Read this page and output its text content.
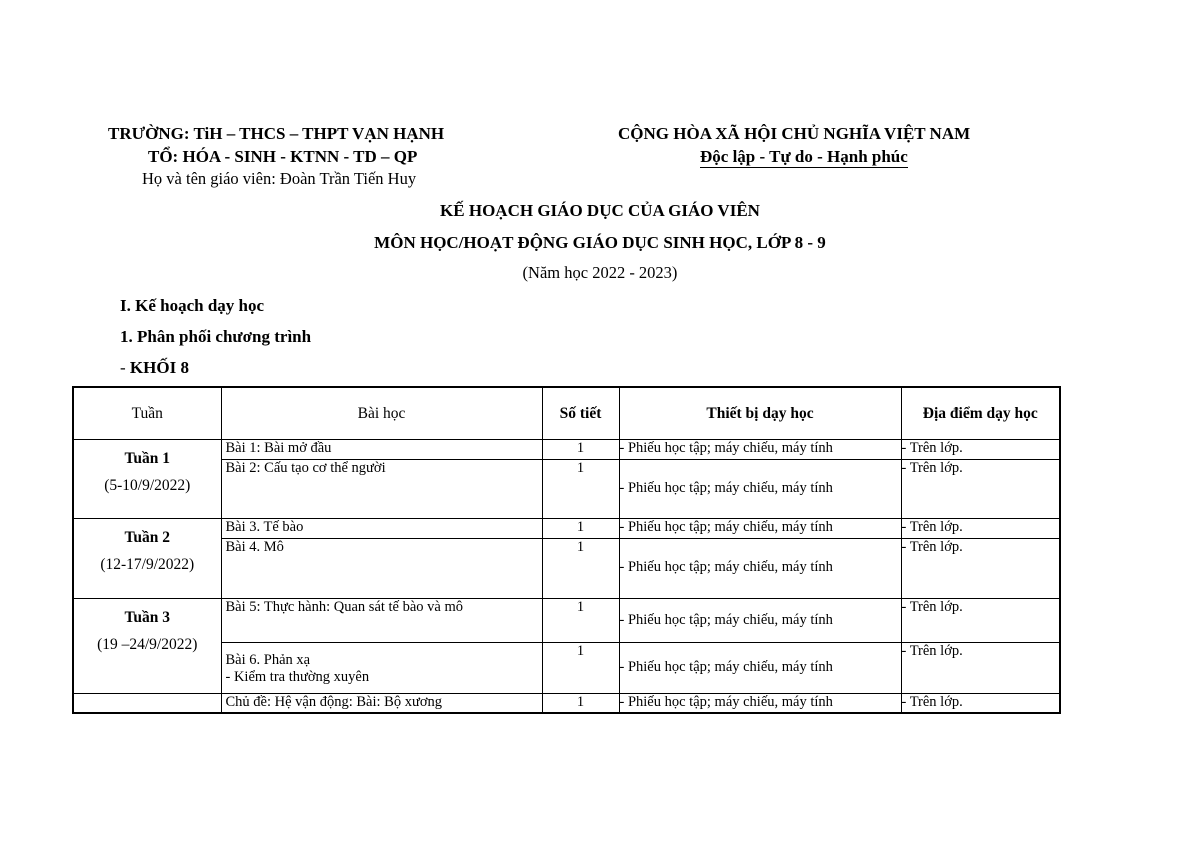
TRƯỜNG: TiH – THCS – THPT VẠN HẠNH
TỔ: HÓA - SINH - KTNN - TD – QP
Họ và tên giáo viên: Đoàn Trần Tiến Huy
CỘNG HÒA XÃ HỘI CHỦ NGHĨA VIỆT NAM
Độc lập - Tự do - Hạnh phúc
KẾ HOẠCH GIÁO DỤC CỦA GIÁO VIÊN
MÔN HỌC/HOẠT ĐỘNG GIÁO DỤC SINH HỌC, LỚP 8 - 9
(Năm học 2022 - 2023)
I. Kế hoạch dạy học
1. Phân phối chương trình
- KHỐI 8
Tuần	Bài học	Số tiết	Thiết bị dạy học	Địa điểm dạy học

Tuần 1
(5-10/9/2022)	Bài 1: Bài mở đầu	1	- Phiếu học tập; máy chiếu, máy tính	- Trên lớp.
	Bài 2: Cấu tạo cơ thể người	1	- Phiếu học tập; máy chiếu, máy tính	- Trên lớp.

Tuần 2
(12-17/9/2022)	Bài 3. Tế bào	1	- Phiếu học tập; máy chiếu, máy tính	- Trên lớp.
	Bài 4. Mô	1	- Phiếu học tập; máy chiếu, máy tính	- Trên lớp.

Tuần 3
(19 –24/9/2022)	Bài 5: Thực hành: Quan sát tế bào và mô	1	- Phiếu học tập; máy chiếu, máy tính	- Trên lớp.

	Bài 6. Phản xạ
- Kiểm tra thường xuyên	1	- Phiếu học tập; máy chiếu, máy tính	- Trên lớp.
	Chủ đề: Hệ vận động: Bài: Bộ xương	1	- Phiếu học tập; máy chiếu, máy tính	- Trên lớp.
